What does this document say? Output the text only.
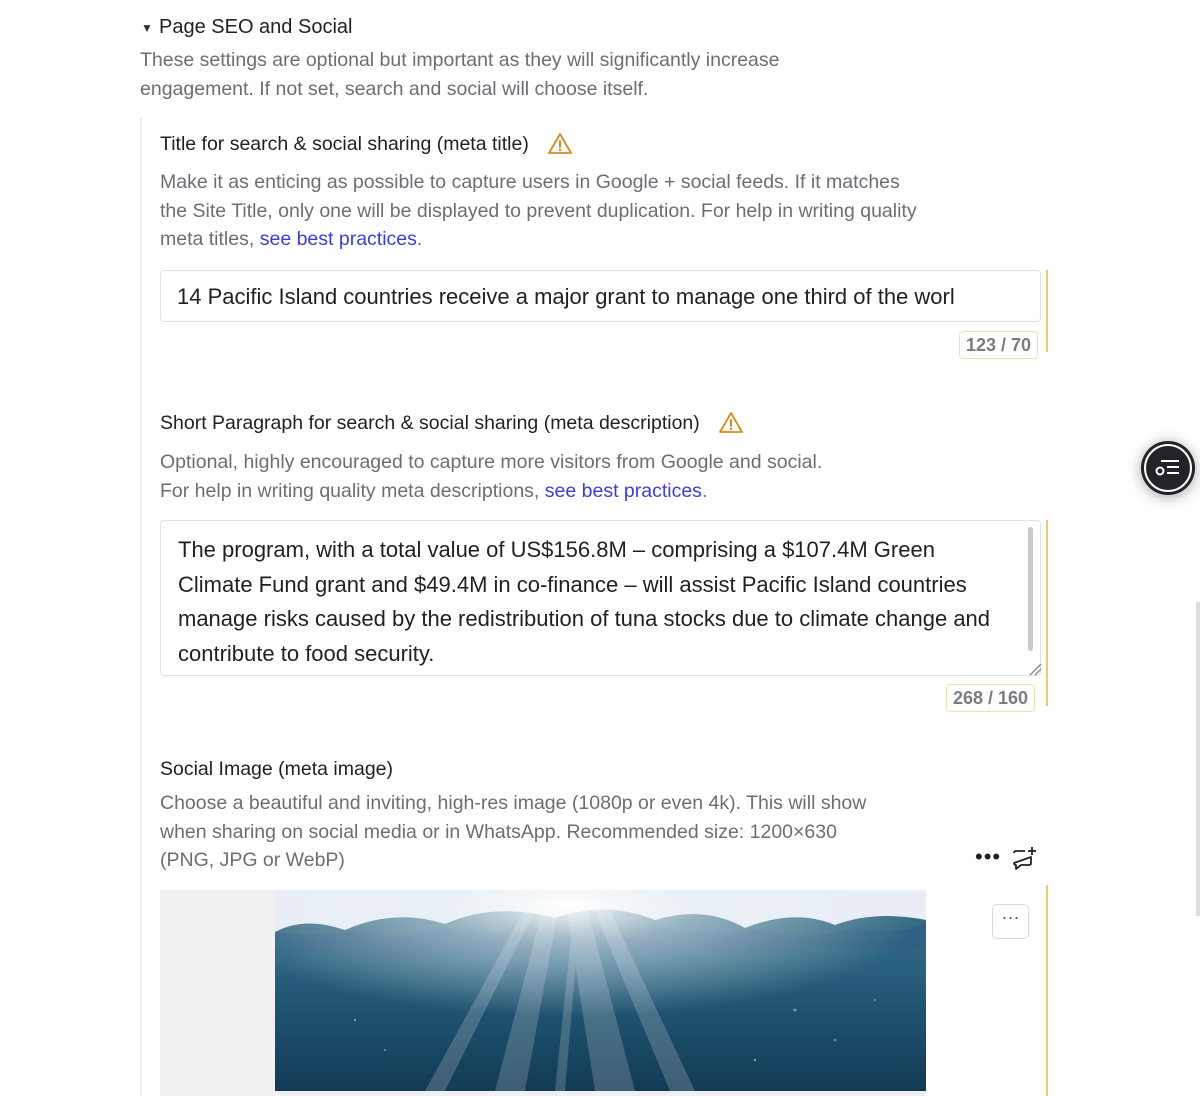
▼ Page SEO and Social
These settings are optional but important as they will significantly increase engagement. If not set, search and social will choose itself.
Title for search & social sharing (meta title)
Make it as enticing as possible to capture users in Google + social feeds. If it matches the Site Title, only one will be displayed to prevent duplication. For help in writing quality meta titles, see best practices.
14 Pacific Island countries receive a major grant to manage one third of the worl
123 / 70
Short Paragraph for search & social sharing (meta description)
Optional, highly encouraged to capture more visitors from Google and social.
For help in writing quality meta descriptions, see best practices.
The program, with a total value of US$156.8M – comprising a $107.4M Green Climate Fund grant and $49.4M in co-finance – will assist Pacific Island countries manage risks caused by the redistribution of tuna stocks due to climate change and contribute to food security.
268 / 160
Social Image (meta image)
Choose a beautiful and inviting, high-res image (1080p or even 4k). This will show when sharing on social media or in WhatsApp. Recommended size: 1200×630 (PNG, JPG or WebP)	•••
···
